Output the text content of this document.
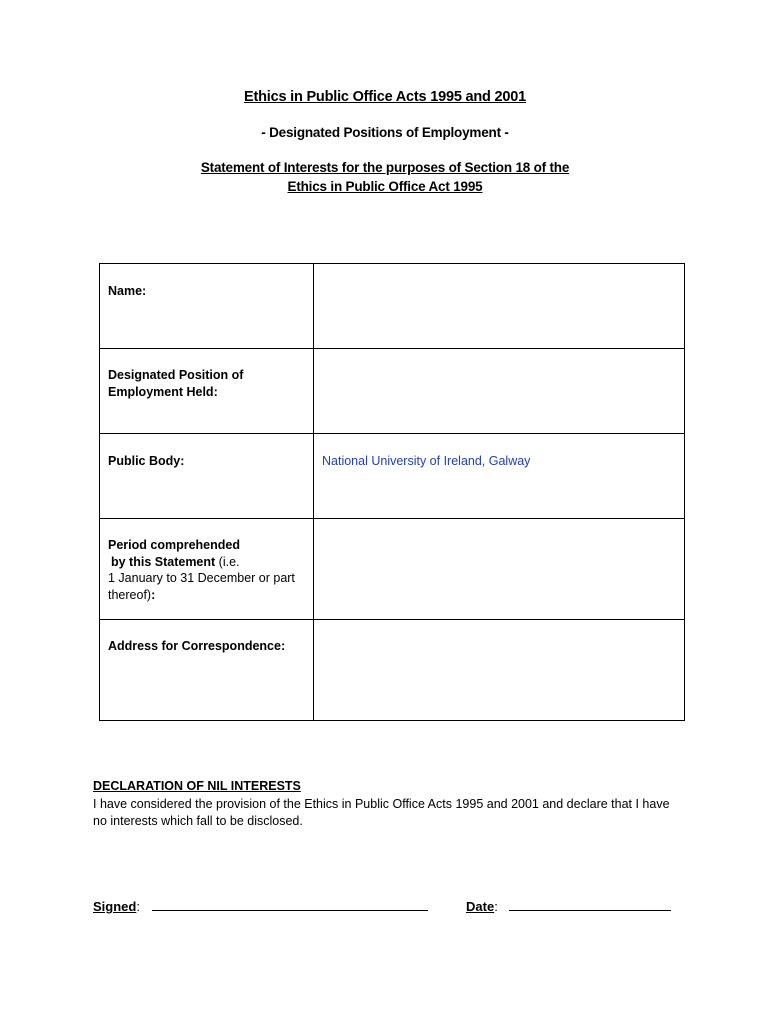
Ethics in Public Office Acts 1995 and 2001
- Designated Positions of Employment -
Statement of Interests for the purposes of Section 18 of the
Ethics in Public Office Act 1995
Name:	

Designated Position of
Employment Held:	

Public Body:	National University of Ireland, Galway

Period comprehended
by this Statement (i.e.
1 January to 31 December or part
thereof):	

Address for Correspondence:	
DECLARATION OF NIL INTERESTS
I have considered the provision of the Ethics in Public Office Acts 1995 and 2001 and declare that I have no interests which fall to be disclosed.
Signed:	Date:
